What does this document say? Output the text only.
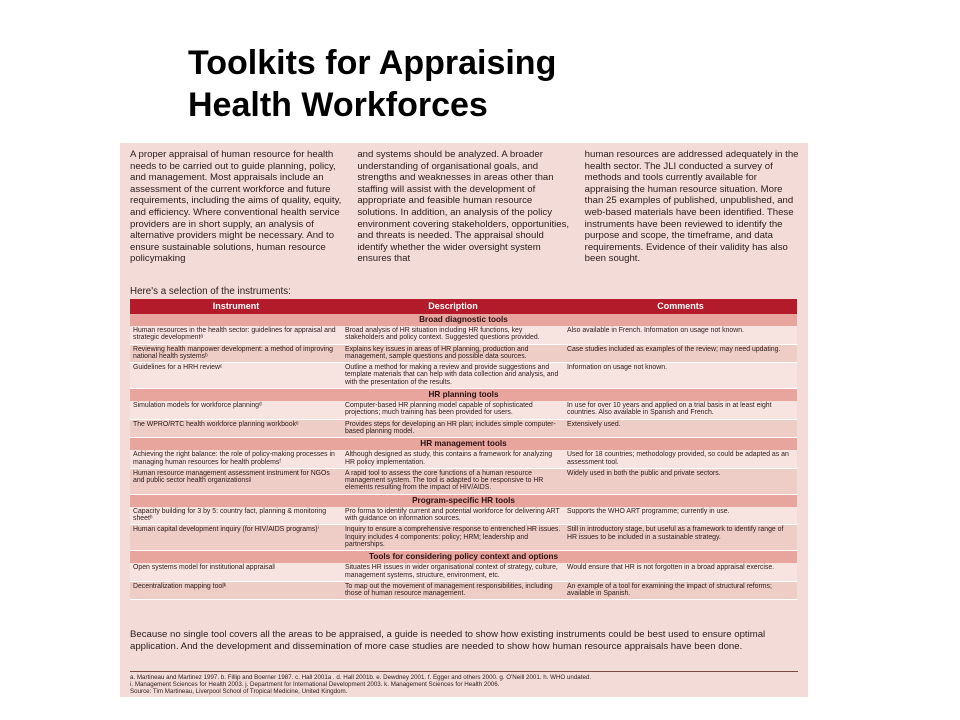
Toolkits for Appraising
Health Workforces

A proper appraisal of human resource for health needs to be carried out to guide planning, policy, and management. Most appraisals include an assessment of the current workforce and future requirements, including the aims of quality, equity, and efficiency. Where conventional health service providers are in short supply, an analysis of alternative providers might be necessary. And to ensure sustainable solutions, human resource policymaking

and systems should be analyzed. A broader understanding of organisational goals, and strengths and weaknesses in areas other than staffing will assist with the development of appropriate and feasible human resource solutions. In addition, an analysis of the policy environment covering stakeholders, opportunities, and threats is needed. The appraisal should identify whether the wider oversight system ensures that

human resources are addressed adequately in the health sector. The JLI conducted a survey of methods and tools currently available for appraising the human resource situation. More than 25 examples of published, unpublished, and web-based materials have been identified. These instruments have been reviewed to identify the purpose and scope, the timeframe, and data requirements. Evidence of their validity has also been sought.

Here's a selection of the instruments:
Instrument	Description	Comments
Broad diagnostic tools		
Human resources in the health sector: guidelines for appraisal and strategic developmentᵃ	Broad analysis of HR situation including HR functions, key stakeholders and policy context. Suggested questions provided.	Also available in French. Information on usage not known.
Reviewing health manpower development: a method of improving national health systemsᵇ	Explains key issues in areas of HR planning, production and management, sample questions and possible data sources.	Case studies included as examples of the review; may need updating.
Guidelines for a HRH reviewᶜ	Outline a method for making a review and provide suggestions and template materials that can help with data collection and analysis, and with the presentation of the results.	Information on usage not known.
HR planning tools		
Simulation models for workforce planningᵈ	Computer-based HR planning model capable of sophisticated projections; much training has been provided for users.	In use for over 10 years and applied on a trial basis in at least eight countries. Also available in Spanish and French.
The WPRO/RTC health workforce planning workbookᵉ	Provides steps for developing an HR plan; includes simple computer-based planning model.	Extensively used.
HR management tools		
Achieving the right balance: the role of policy-making processes in managing human resources for health problemsᶠ	Although designed as study, this contains a framework for analyzing HR policy implementation.	Used for 18 countries; methodology provided, so could be adapted as an assessment tool.
Human resource management assessment instrument for NGOs and public sector health organizationsᵍ	A rapid tool to assess the core functions of a human resource management system. The tool is adapted to be responsive to HR elements resulting from the impact of HIV/AIDS.	Widely used in both the public and private sectors.
Program-specific HR tools		
Capacity building for 3 by 5: country fact, planning & monitoring sheetʰ	Pro forma to identify current and potential workforce for delivering ART with guidance on information sources.	Supports the WHO ART programme; currently in use.
Human capital development inquiry (for HIV/AIDS programs)ⁱ	Inquiry to ensure a comprehensive response to entrenched HR issues. Inquiry includes 4 components: policy; HRM; leadership and partnerships.	Still in introductory stage, but useful as a framework to identify range of HR issues to be included in a sustainable strategy.
Tools for considering policy context and options		
Open systems model for institutional appraisalʲ	Situates HR issues in wider organisational context of strategy, culture, management systems, structure, environment, etc.	Would ensure that HR is not forgotten in a broad appraisal exercise.
Decentralization mapping toolᵏ	To map out the movement of management responsibilities, including those of human resource management.	An example of a tool for examining the impact of structural reforms; available in Spanish.

Because no single tool covers all the areas to be appraised, a guide is needed to show how existing instruments could be best used to ensure optimal application. And the development and dissemination of more case studies are needed to show how human resource appraisals have been done.

a. Martineau and Martinez 1997. b. Fillip and Boerner 1987. c. Hall 2001a . d. Hall 2001b. e. Dewdney 2001. f. Egger and others 2000. g. O'Neill 2001. h. WHO undated.

i. Management Sciences for Health 2003. j. Department for International Development 2003. k. Management Sciences for Health 2006.

Source: Tim Martineau, Liverpool School of Tropical Medicine, United Kingdom.
